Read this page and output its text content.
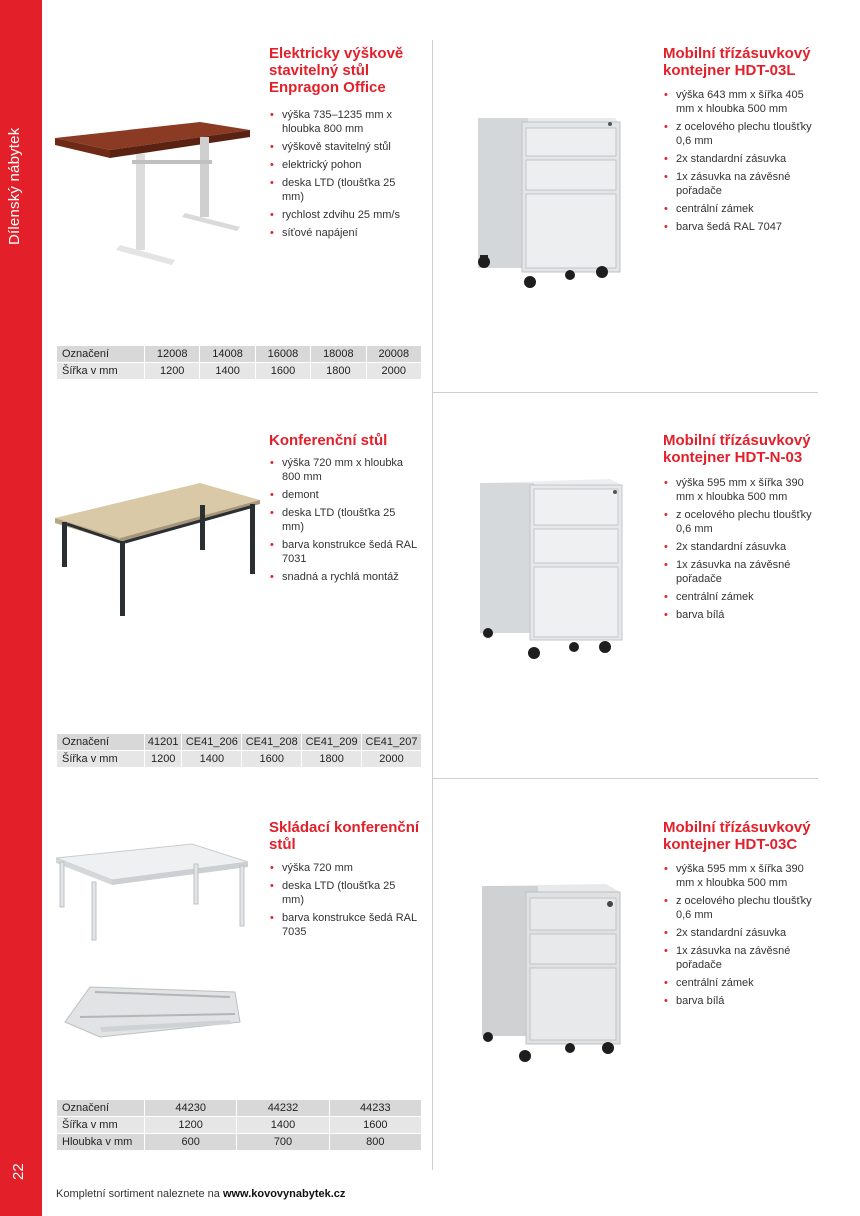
Dílenský nábytek
22
Elektricky výškově stavitelný stůl Enpragon Office
• výška 735–1235 mm x hloubka 800 mm
• výškově stavitelný stůl
• elektrický pohon
• deska LTD (tloušťka 25 mm)
• rychlost zdvihu 25 mm/s
• síťové napájení
Označení	12008	14008	16008	18008	20008
Šířka v mm	1200	1400	1600	1800	2000
Mobilní třízásuvkový kontejner HDT-03L
• výška 643 mm x šířka 405 mm x hloubka 500 mm
• z ocelového plechu tloušťky 0,6 mm
• 2x standardní zásuvka
• 1x zásuvka na závěsné pořadače
• centrální zámek
• barva šedá RAL 7047
Konferenční stůl
• výška 720 mm x hloubka 800 mm
• demont
• deska LTD (tloušťka 25 mm)
• barva konstrukce šedá RAL 7031
• snadná a rychlá montáž
Označení	41201	CE41_206	CE41_208	CE41_209	CE41_207
Šířka v mm	1200	1400	1600	1800	2000
Mobilní třízásuvkový kontejner HDT-N-03
• výška 595 mm x šířka 390 mm x hloubka 500 mm
• z ocelového plechu tloušťky 0,6 mm
• 2x standardní zásuvka
• 1x zásuvka na závěsné pořadače
• centrální zámek
• barva bílá
Skládací konferenční stůl
• výška 720 mm
• deska LTD (tloušťka 25 mm)
• barva konstrukce šedá RAL 7035
Označení	44230	44232	44233
Šířka v mm	1200	1400	1600
Hloubka v mm	600	700	800
Mobilní třízásuvkový kontejner HDT-03C
• výška 595 mm x šířka 390 mm x hloubka 500 mm
• z ocelového plechu tloušťky 0,6 mm
• 2x standardní zásuvka
• 1x zásuvka na závěsné pořadače
• centrální zámek
• barva bílá
Kompletní sortiment naleznete na www.kovovynabytek.cz
